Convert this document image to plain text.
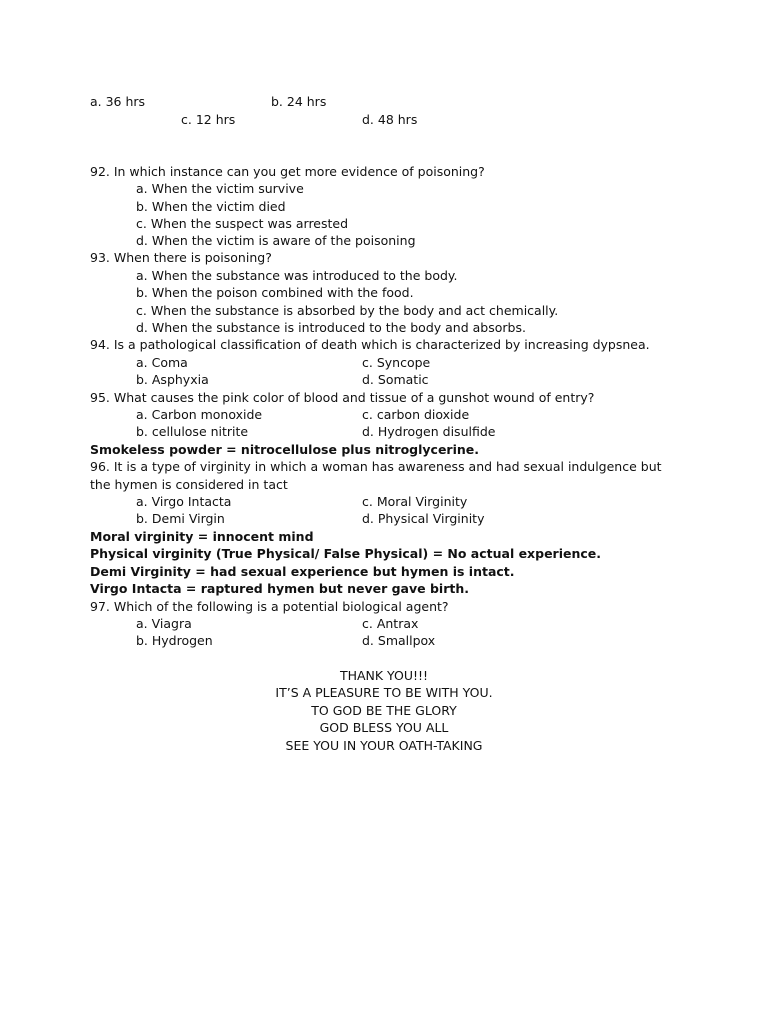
a. 36 hrs	b. 24 hrs
c. 12 hrs	d. 48 hrs
92. In which instance can you get more evidence of poisoning?
a. When the victim survive
b. When the victim died
c. When the suspect was arrested
d. When the victim is aware of the poisoning
93. When there is poisoning?
a. When the substance was introduced to the body.
b. When the poison combined with the food.
c. When the substance is absorbed by the body and act chemically.
d. When the substance is introduced to the body and absorbs.
94. Is a pathological classification of death which is characterized by increasing dypsnea.
a. Coma	c. Syncope
b. Asphyxia	d. Somatic
95. What causes the pink color of blood and tissue of a gunshot wound of entry?
a. Carbon monoxide	c. carbon dioxide
b. cellulose nitrite	d. Hydrogen disulfide
Smokeless powder = nitrocellulose plus nitroglycerine.
96. It is a type of virginity in which a woman has awareness and had sexual indulgence but the hymen is considered in tact
a. Virgo Intacta	c. Moral Virginity
b. Demi Virgin	d. Physical Virginity
Moral virginity = innocent mind
Physical virginity (True Physical/ False Physical) = No actual experience.
Demi Virginity = had sexual experience but hymen is intact.
Virgo Intacta = raptured hymen but never gave birth.
97. Which of the following is a potential biological agent?
a. Viagra	c. Antrax
b. Hydrogen	d. Smallpox
THANK YOU!!!
IT’S A PLEASURE TO BE WITH YOU.
TO GOD BE THE GLORY
GOD BLESS YOU ALL
SEE YOU IN YOUR OATH-TAKING
